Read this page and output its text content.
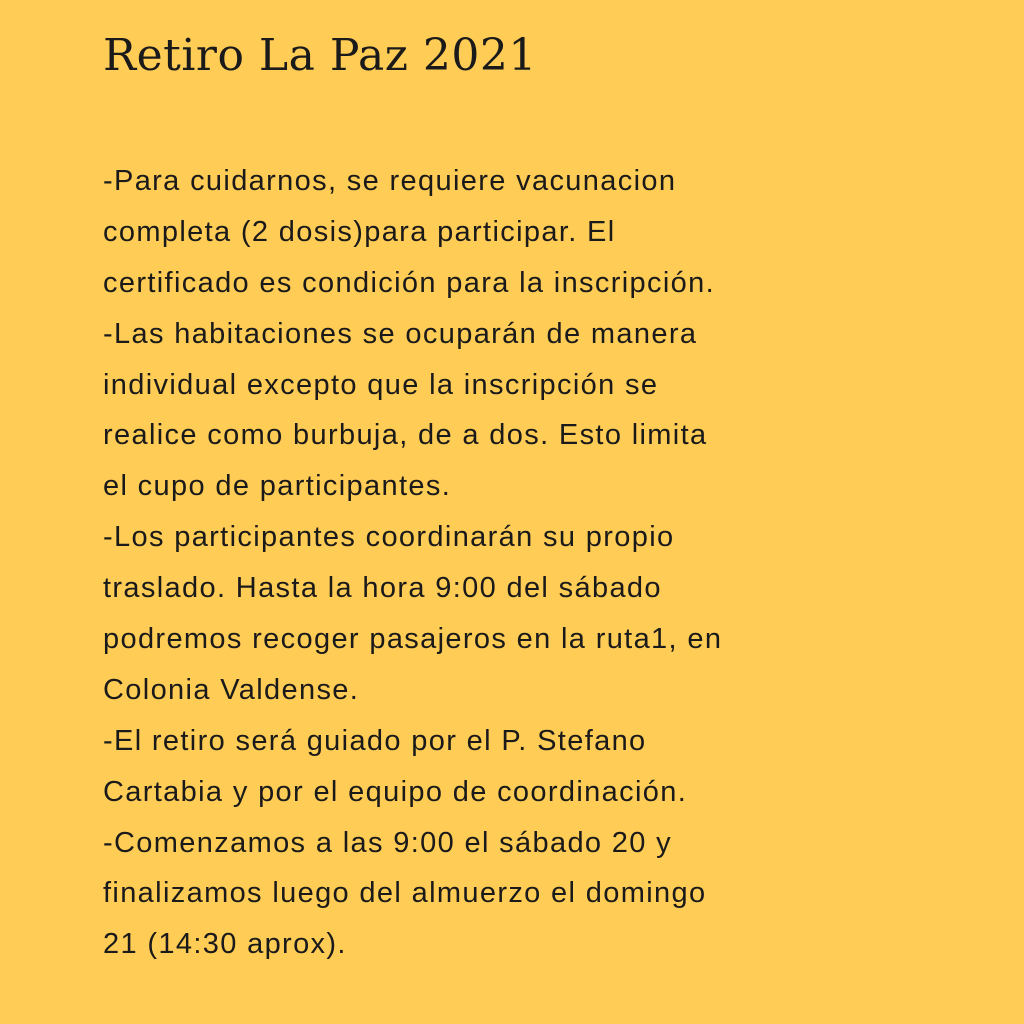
Retiro La Paz 2021
-Para cuidarnos, se requiere vacunacion
completa (2 dosis)para participar. El
certificado es condición para la inscripción.
-Las habitaciones se ocuparán de manera
individual excepto que la inscripción se
realice como burbuja, de a dos. Esto limita
el cupo de participantes.
-Los participantes coordinarán su propio
traslado. Hasta la hora 9:00 del sábado
podremos recoger pasajeros en la ruta1, en
Colonia Valdense.
-El retiro será guiado por el P. Stefano
Cartabia y por el equipo de coordinación.
-Comenzamos a las 9:00 el sábado 20 y
finalizamos luego del almuerzo el domingo
21 (14:30 aprox).
